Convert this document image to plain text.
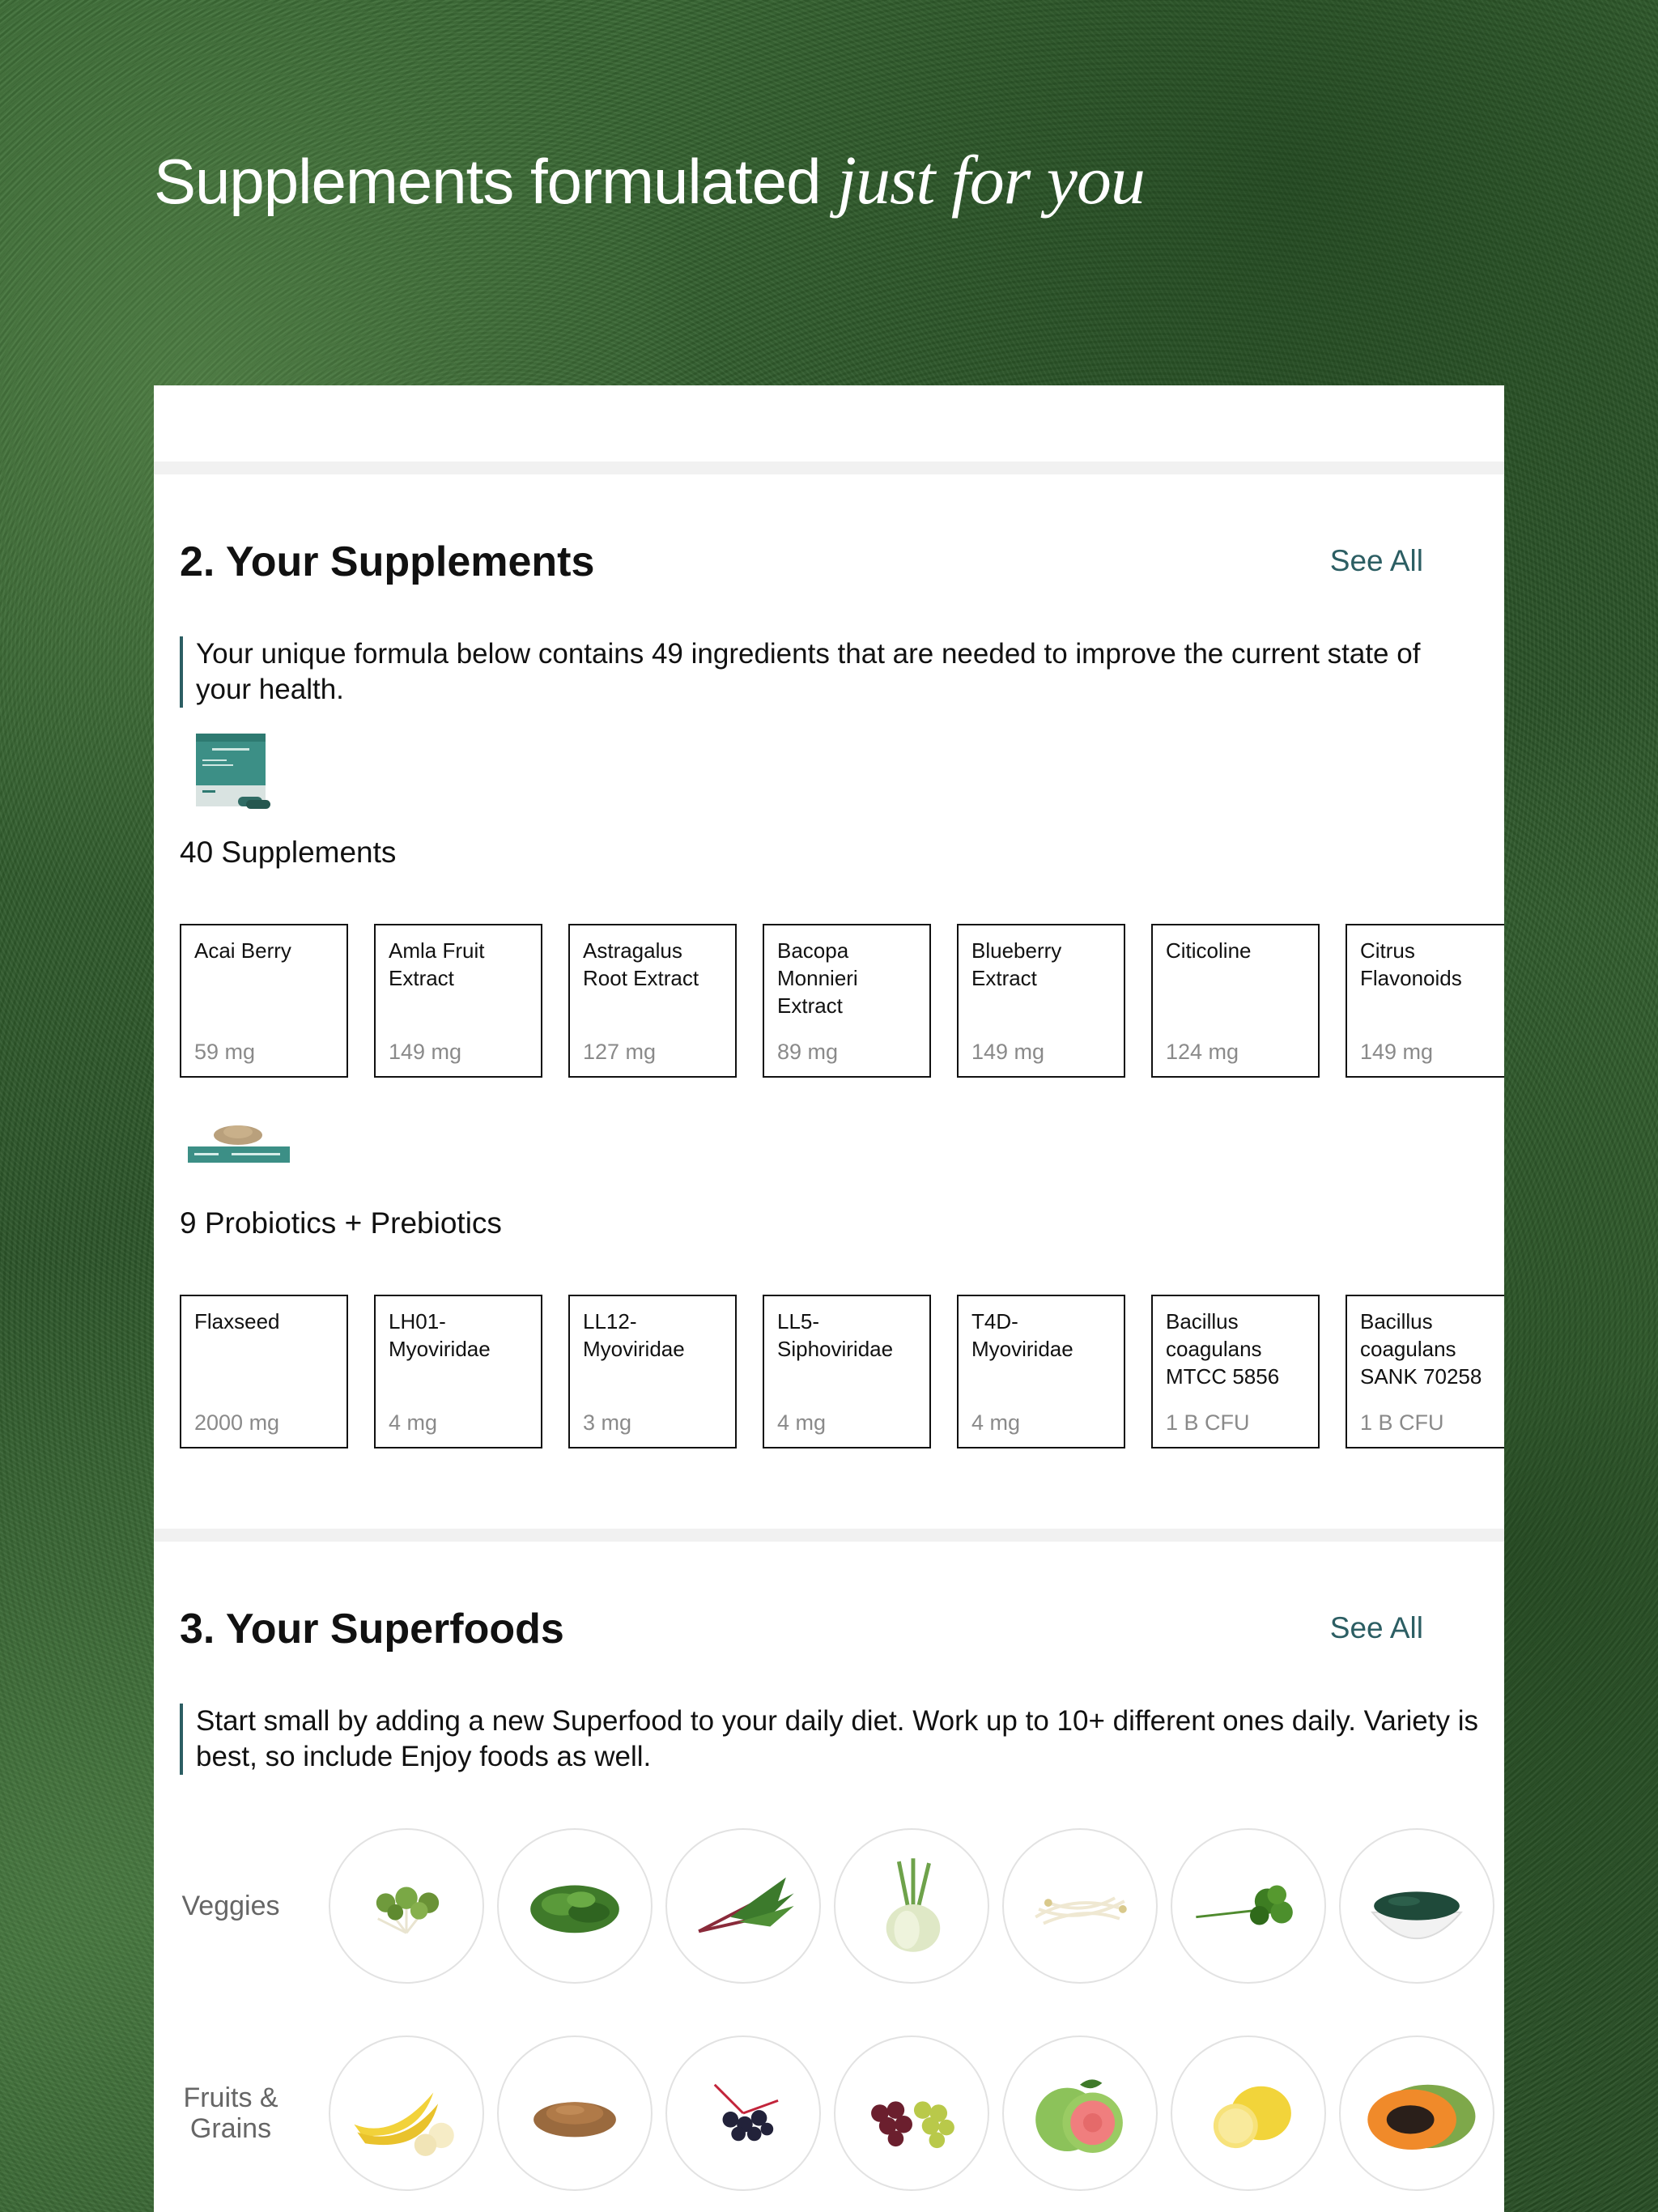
Supplements formulated just for you
2. Your Supplements	See All
Your unique formula below contains 49 ingredients that are needed to improve the current state of your health.
40 Supplements
Acai Berry
59 mg
Amla Fruit Extract
149 mg
Astragalus Root Extract
127 mg
Bacopa Monnieri Extract
89 mg
Blueberry Extract
149 mg
Citicoline
124 mg
Citrus Flavonoids
149 mg
9 Probiotics + Prebiotics
Flaxseed
2000 mg
LH01-Myoviridae
4 mg
LL12-Myoviridae
3 mg
LL5-Siphoviridae
4 mg
T4D-Myoviridae
4 mg
Bacillus coagulans MTCC 5856
1 B CFU
Bacillus coagulans SANK 70258
1 B CFU
3. Your Superfoods	See All
Start small by adding a new Superfood to your daily diet. Work up to 10+ different ones daily. Variety is best, so include Enjoy foods as well.
Veggies
Fruits & Grains
